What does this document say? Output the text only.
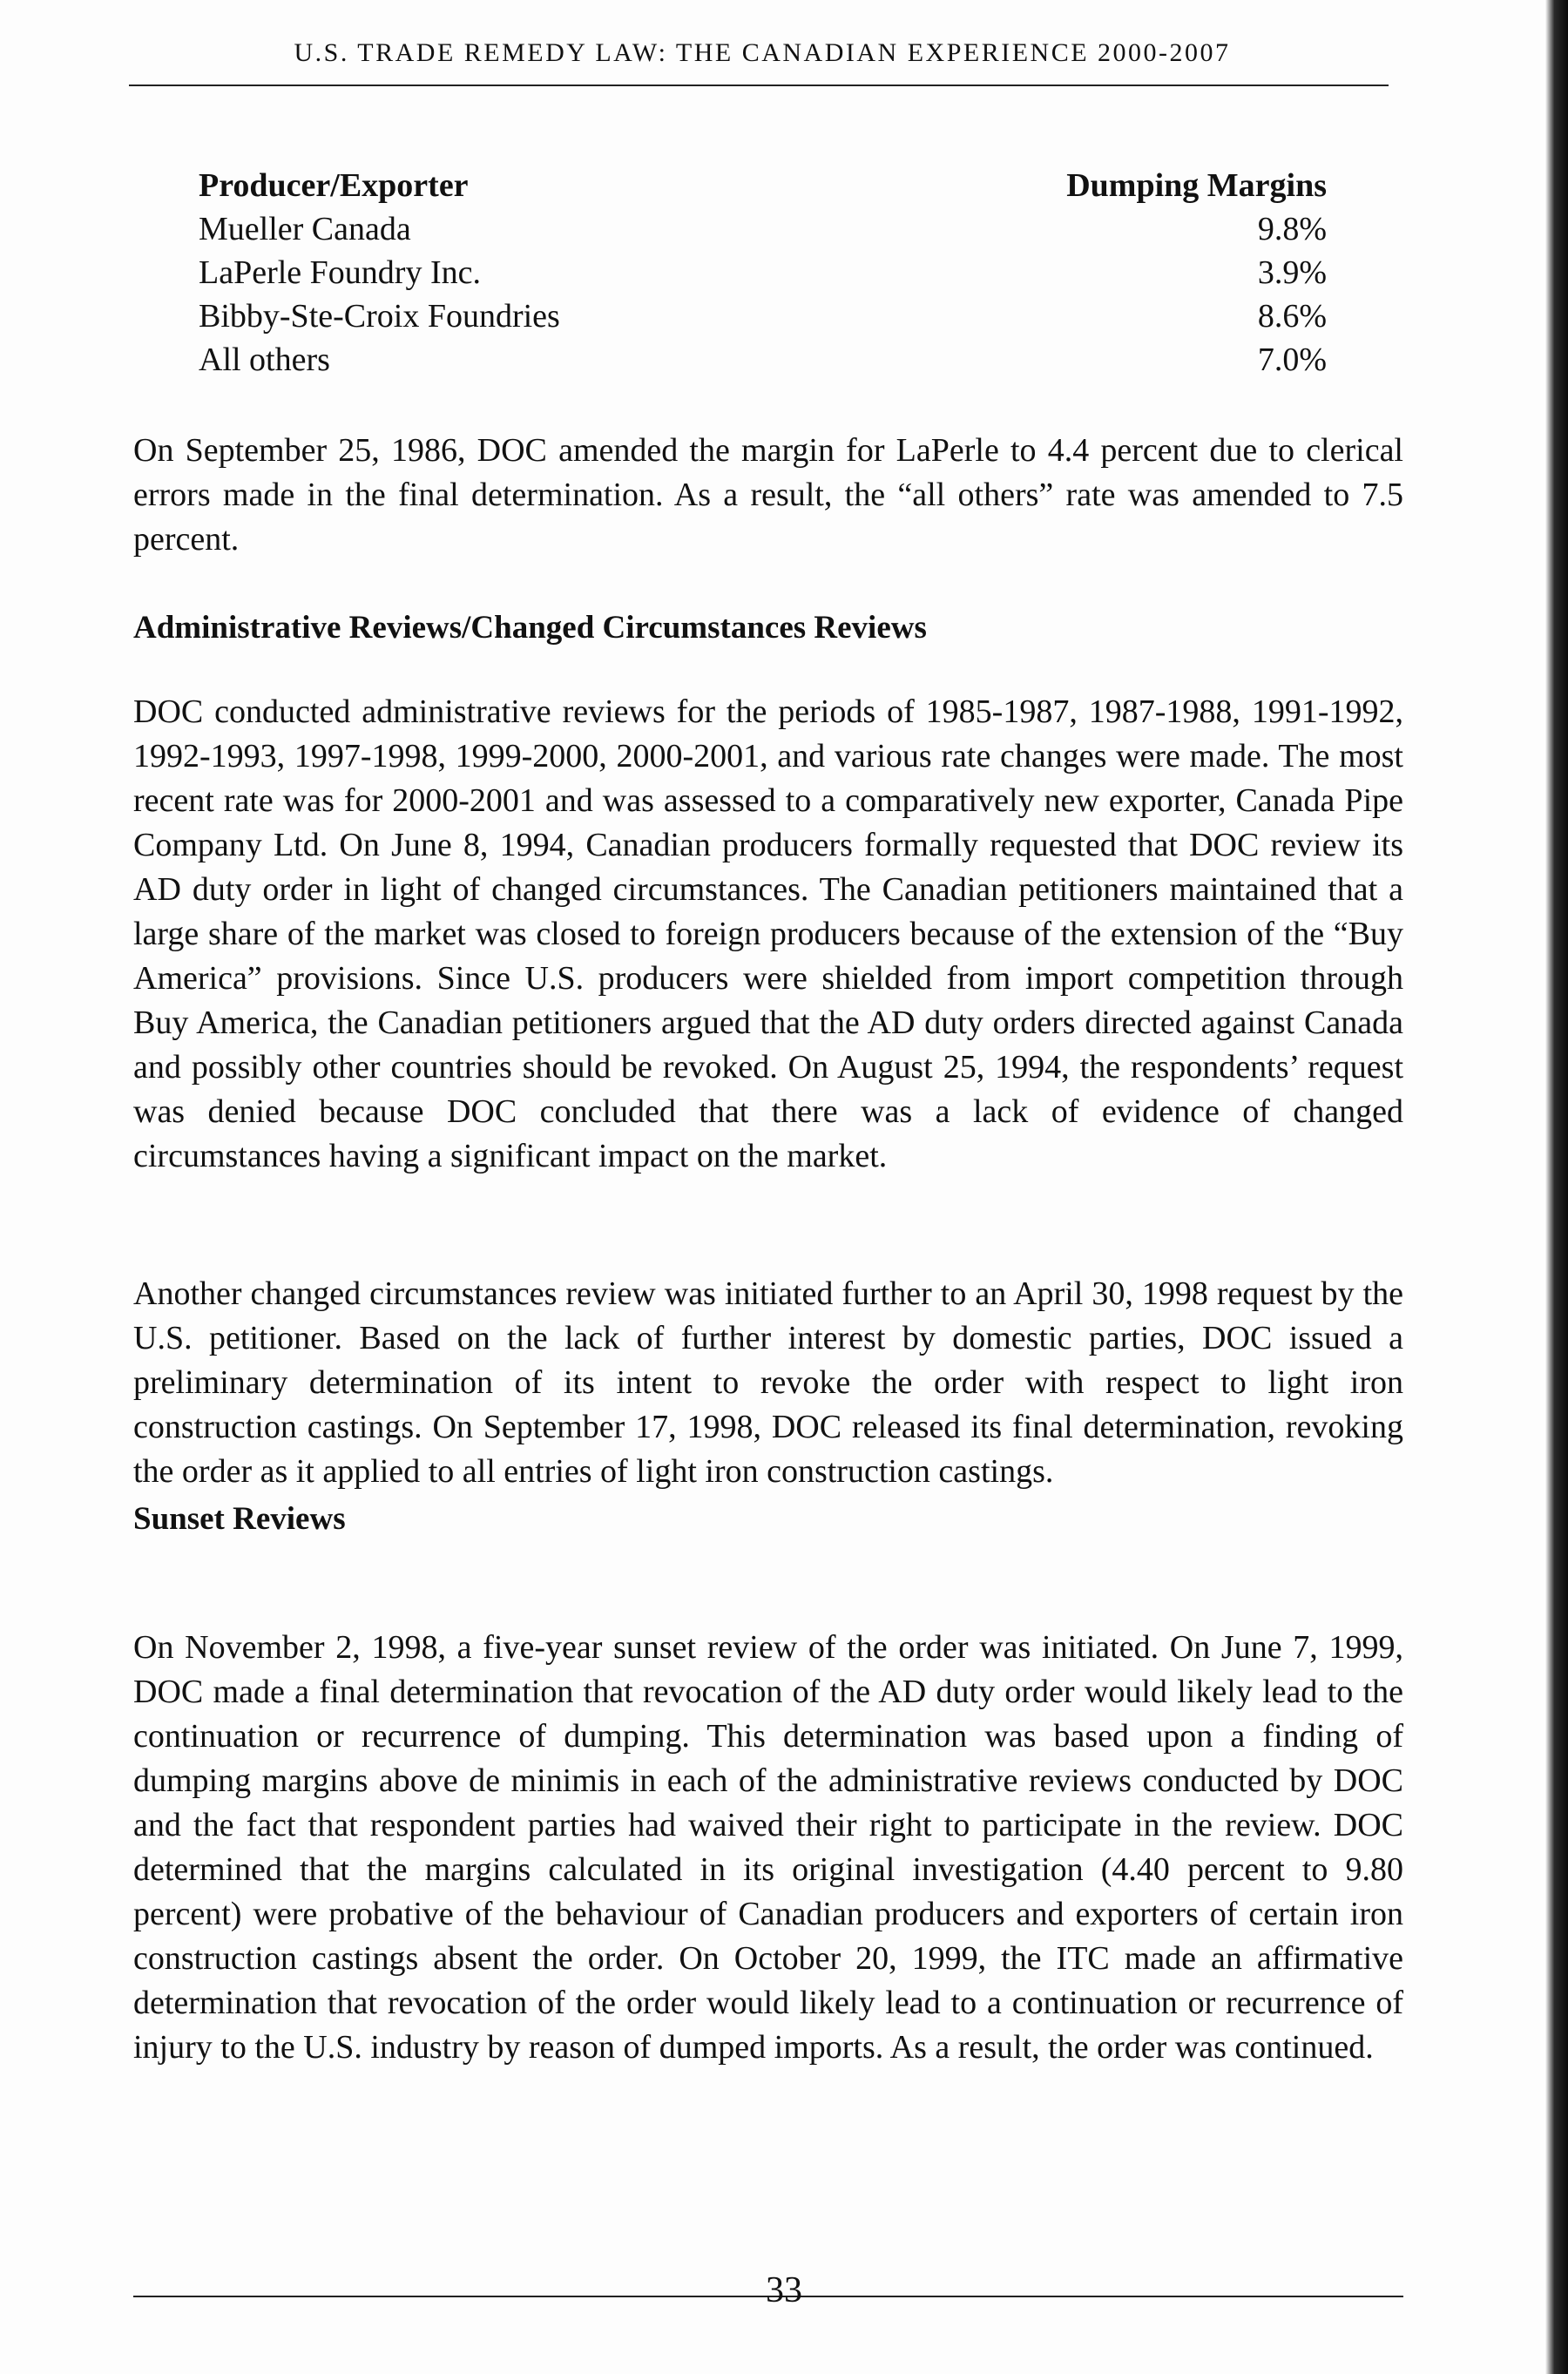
U.S. TRADE REMEDY LAW: THE CANADIAN EXPERIENCE 2000-2007
Producer/Exporter	Dumping Margins
Mueller Canada	9.8%
LaPerle Foundry Inc.	3.9%
Bibby-Ste-Croix Foundries	8.6%
All others	7.0%

On September 25, 1986, DOC amended the margin for LaPerle to 4.4 percent due to clerical errors made in the final determination. As a result, the “all others” rate was amended to 7.5 percent.

Administrative Reviews/Changed Circumstances Reviews

DOC conducted administrative reviews for the periods of 1985-1987, 1987-1988, 1991-1992, 1992-1993, 1997-1998, 1999-2000, 2000-2001, and various rate changes were made. The most recent rate was for 2000-2001 and was assessed to a comparatively new exporter, Canada Pipe Company Ltd. On June 8, 1994, Canadian producers formally requested that DOC review its AD duty order in light of changed circumstances. The Canadian petitioners maintained that a large share of the market was closed to foreign producers because of the extension of the “Buy America” provisions. Since U.S. producers were shielded from import competition through Buy America, the Canadian petitioners argued that the AD duty orders directed against Canada and possibly other countries should be revoked. On August 25, 1994, the respondents’ request was denied because DOC concluded that there was a lack of evidence of changed circumstances having a significant impact on the market.

Another changed circumstances review was initiated further to an April 30, 1998 request by the U.S. petitioner. Based on the lack of further interest by domestic parties, DOC issued a preliminary determination of its intent to revoke the order with respect to light iron construction castings. On September 17, 1998, DOC released its final determination, revoking the order as it applied to all entries of light iron construction castings.

Sunset Reviews

On November 2, 1998, a five-year sunset review of the order was initiated. On June 7, 1999, DOC made a final determination that revocation of the AD duty order would likely lead to the continuation or recurrence of dumping. This determination was based upon a finding of dumping margins above de minimis in each of the administrative reviews conducted by DOC and the fact that respondent parties had waived their right to participate in the review. DOC determined that the margins calculated in its original investigation (4.40 percent to 9.80 percent) were probative of the behaviour of Canadian producers and exporters of certain iron construction castings absent the order. On October 20, 1999, the ITC made an affirmative determination that revocation of the order would likely lead to a continuation or recurrence of injury to the U.S. industry by reason of dumped imports. As a result, the order was continued.

33
